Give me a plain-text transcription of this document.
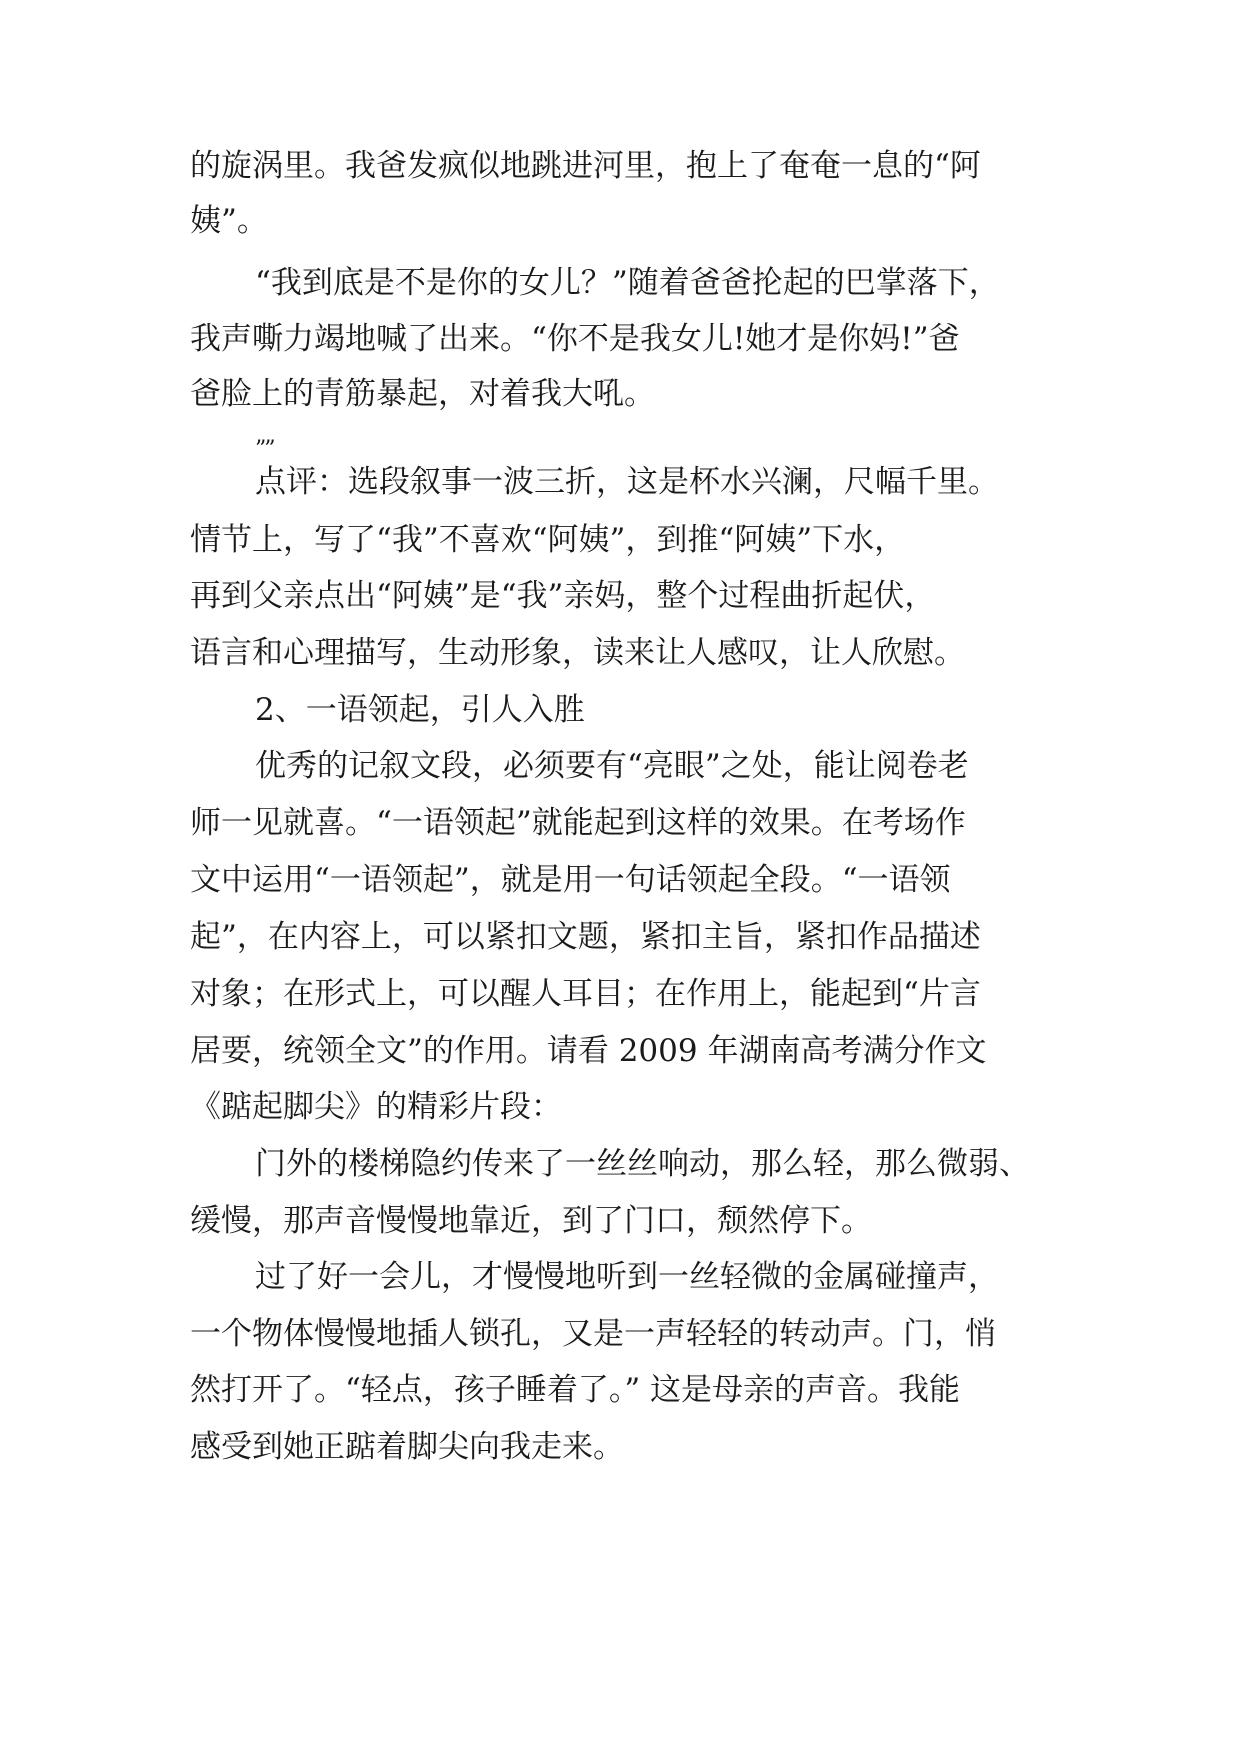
的旋涡里。我爸发疯似地跳进河里，抱上了奄奄一息的“阿
姨”。
“我到底是不是你的女儿？”随着爸爸抡起的巴掌落下，
我声嘶力竭地喊了出来。“你不是我女儿!她才是你妈!”爸
爸脸上的青筋暴起，对着我大吼。
””
点评：选段叙事一波三折，这是杯水兴澜，尺幅千里。
情节上，写了“我”不喜欢“阿姨”，到推“阿姨”下水，
再到父亲点出“阿姨”是“我”亲妈，整个过程曲折起伏，
语言和心理描写，生动形象，读来让人感叹，让人欣慰。
2、一语领起，引人入胜
优秀的记叙文段，必须要有“亮眼”之处，能让阅卷老
师一见就喜。“一语领起”就能起到这样的效果。在考场作
文中运用“一语领起”，就是用一句话领起全段。“一语领
起”，在内容上，可以紧扣文题，紧扣主旨，紧扣作品描述
对象；在形式上，可以醒人耳目；在作用上，能起到“片言
居要，统领全文”的作用。请看 2009 年湖南高考满分作文
《踮起脚尖》的精彩片段：
门外的楼梯隐约传来了一丝丝响动，那么轻，那么微弱、
缓慢，那声音慢慢地靠近，到了门口，颓然停下。
过了好一会儿，才慢慢地听到一丝轻微的金属碰撞声，
一个物体慢慢地插人锁孔，又是一声轻轻的转动声。门，悄
然打开了。“轻点，孩子睡着了。” 这是母亲的声音。我能
感受到她正踮着脚尖向我走来。
